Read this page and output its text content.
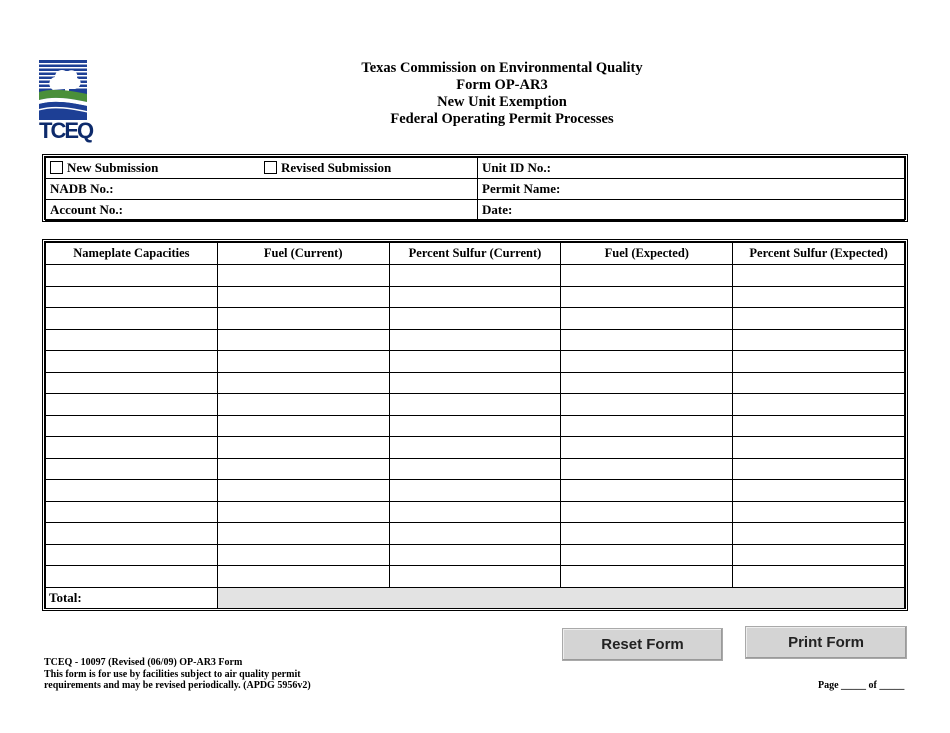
TCEQ
Texas Commission on Environmental Quality
Form OP-AR3
New Unit Exemption
Federal Operating Permit Processes
New Submission Revised Submission	Unit ID No.:
NADB No.:	Permit Name:
Account No.:	Date:
Nameplate Capacities	Fuel (Current)	Percent Sulfur (Current)	Fuel (Expected)	Percent Sulfur (Expected)

Total:				
Reset Form	Print Form
TCEQ - 10097 (Revised (06/09) OP-AR3 Form
This form is for use by facilities subject to air quality permit
requirements and may be revised periodically. (APDG 5956v2)	Page _____ of _____
